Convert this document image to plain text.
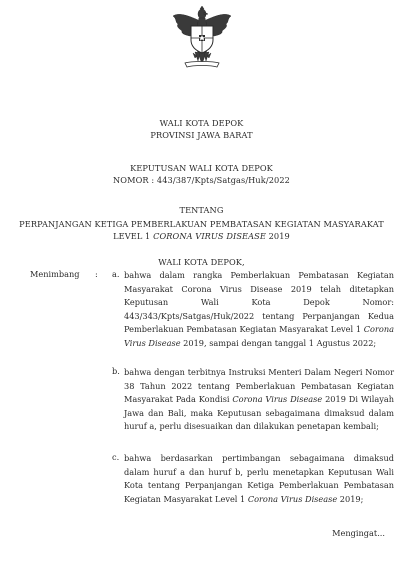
WALI KOTA DEPOK
PROVINSI JAWA BARAT
KEPUTUSAN WALI KOTA DEPOK
NOMOR : 443/387/Kpts/Satgas/Huk/2022
TENTANG
PERPANJANGAN KETIGA PEMBERLAKUAN PEMBATASAN KEGIATAN MASYARAKAT
LEVEL 1 CORONA VIRUS DISEASE 2019
WALI KOTA DEPOK,
Menimbang : a. bahwa dalam rangka Pemberlakuan Pembatasan Kegiatan Masyarakat Corona Virus Disease 2019 telah ditetapkan Keputusan Wali Kota Depok Nomor: 443/343/Kpts/Satgas/Huk/2022 tentang Perpanjangan Kedua Pemberlakuan Pembatasan Kegiatan Masyarakat Level 1 Corona Virus Disease 2019, sampai dengan tanggal 1 Agustus 2022;
b. bahwa dengan terbitnya Instruksi Menteri Dalam Negeri Nomor 38 Tahun 2022 tentang Pemberlakuan Pembatasan Kegiatan Masyarakat Pada Kondisi Corona Virus Disease 2019 Di Wilayah Jawa dan Bali, maka Keputusan sebagaimana dimaksud dalam huruf a, perlu disesuaikan dan dilakukan penetapan kembali;
c. bahwa berdasarkan pertimbangan sebagaimana dimaksud dalam huruf a dan huruf b, perlu menetapkan Keputusan Wali Kota tentang Perpanjangan Ketiga Pemberlakuan Pembatasan Kegiatan Masyarakat Level 1 Corona Virus Disease 2019;
Mengingat...
